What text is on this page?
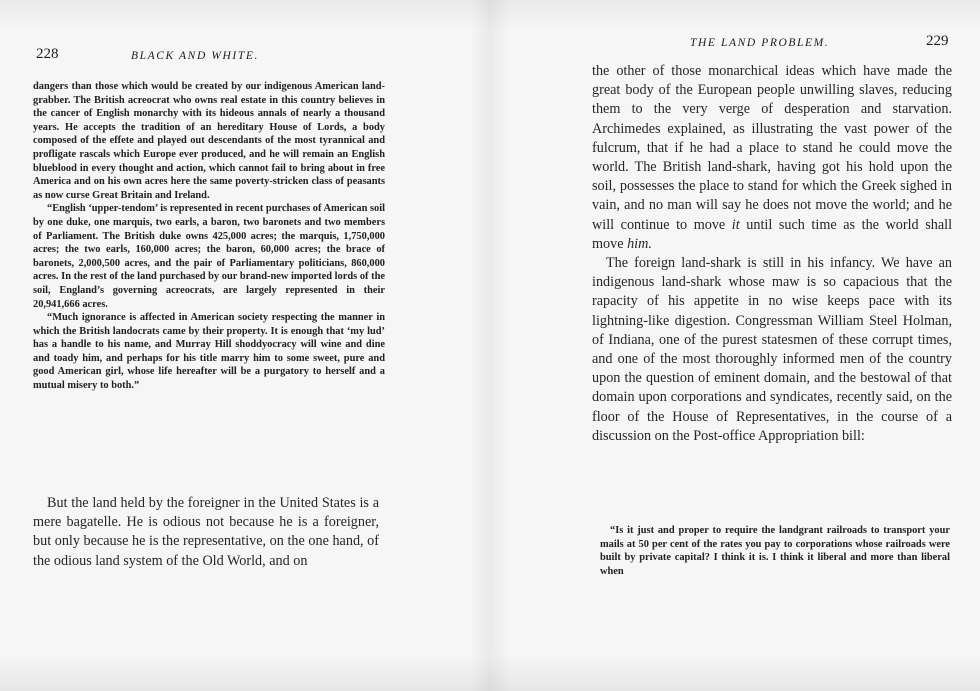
228	BLACK AND WHITE.

dangers than those which would be created by our indigenous American land-grabber. The British acreocrat who owns real estate in this country believes in the cancer of English monarchy with its hideous annals of nearly a thousand years. He accepts the tradition of an hereditary House of Lords, a body composed of the effete and played out descendants of the most tyrannical and profligate rascals which Europe ever produced, and he will remain an English blueblood in every thought and action, which cannot fail to bring about in free America and on his own acres here the same poverty-stricken class of peasants as now curse Great Britain and Ireland.

“English ‘upper-tendom’ is represented in recent purchases of American soil by one duke, one marquis, two earls, a baron, two baronets and two members of Parliament. The British duke owns 425,000 acres; the marquis, 1,750,000 acres; the two earls, 160,000 acres; the baron, 60,000 acres; the brace of baronets, 2,000,500 acres, and the pair of Parliamentary politicians, 860,000 acres. In the rest of the land purchased by our brand-new imported lords of the soil, England’s governing acreocrats, are largely represented in their 20,941,666 acres.

“Much ignorance is affected in American society respecting the manner in which the British landocrats came by their property. It is enough that ‘my lud’ has a handle to his name, and Murray Hill shoddyocracy will wine and dine and toady him, and perhaps for his title marry him to some sweet, pure and good American girl, whose life hereafter will be a purgatory to herself and a mutual misery to both.”

But the land held by the foreigner in the United States is a mere bagatelle. He is odious not because he is a foreigner, but only because he is the representative, on the one hand, of the odious land system of the Old World, and on

THE LAND PROBLEM.	229

the other of those monarchical ideas which have made the great body of the European people unwilling slaves, reducing them to the very verge of desperation and starvation. Archimedes explained, as illustrating the vast power of the fulcrum, that if he had a place to stand he could move the world. The British land-shark, having got his hold upon the soil, possesses the place to stand for which the Greek sighed in vain, and no man will say he does not move the world; and he will continue to move it until such time as the world shall move him.

The foreign land-shark is still in his infancy. We have an indigenous land-shark whose maw is so capacious that the rapacity of his appetite in no wise keeps pace with its lightning-like digestion. Congressman William Steel Holman, of Indiana, one of the purest statesmen of these corrupt times, and one of the most thoroughly informed men of the country upon the question of eminent domain, and the bestowal of that domain upon corporations and syndicates, recently said, on the floor of the House of Representatives, in the course of a discussion on the Post-office Appropriation bill:

“Is it just and proper to require the landgrant railroads to transport your mails at 50 per cent of the rates you pay to corporations whose railroads were built by private capital? I think it is. I think it liberal and more than liberal when
